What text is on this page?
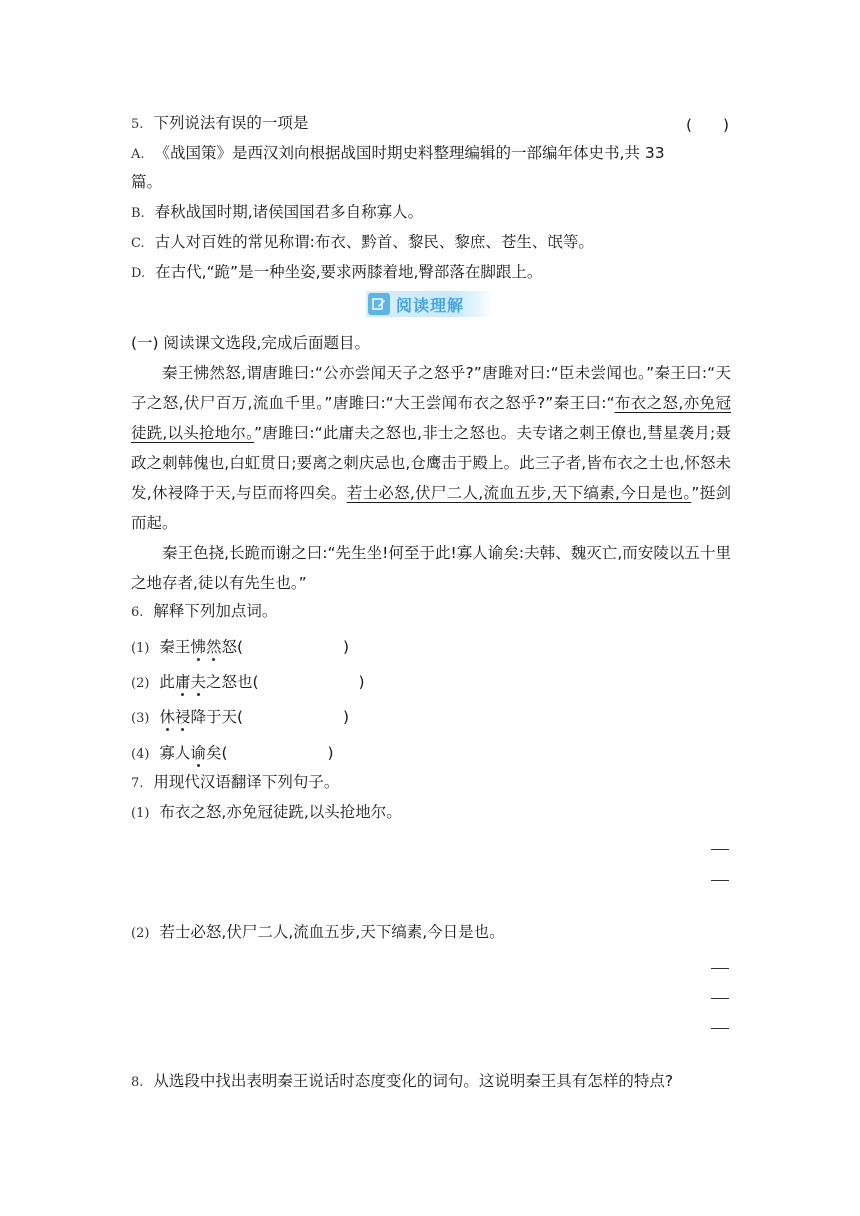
5. 下列说法有误的一项是	(　　)
A. 《战国策》是西汉刘向根据战国时期史料整理编辑的一部编年体史书,共 33
篇。
B. 春秋战国时期,诸侯国国君多自称寡人。
C. 古人对百姓的常见称谓:布衣、黔首、黎民、黎庶、苍生、氓等。
D. 在古代,“跪”是一种坐姿,要求两膝着地,臀部落在脚跟上。
阅读理解
(一) 阅读课文选段,完成后面题目。
秦王怫然怒,谓唐雎曰:“公亦尝闻天子之怒乎?”唐雎对曰:“臣未尝闻也。”秦王曰:“天子之怒,伏尸百万,流血千里。”唐雎曰:“大王尝闻布衣之怒乎?”秦王曰:“布衣之怒,亦免冠徒跣,以头抢地尔。”唐雎曰:“此庸夫之怒也,非士之怒也。夫专诸之刺王僚也,彗星袭月;聂政之刺韩傀也,白虹贯日;要离之刺庆忌也,仓鹰击于殿上。此三子者,皆布衣之士也,怀怒未发,休祲降于天,与臣而将四矣。若士必怒,伏尸二人,流血五步,天下缟素,今日是也。”挺剑而起。
秦王色挠,长跪而谢之曰:“先生坐!何至于此!寡人谕矣:夫韩、魏灭亡,而安陵以五十里之地存者,徒以有先生也。”
6. 解释下列加点词。
(1) 秦王怫然怒(	)
(2) 此庸夫之怒也(	)
(3) 休祲降于天(	)
(4) 寡人谕矣(	)
7. 用现代汉语翻译下列句子。
(1) 布衣之怒,亦免冠徒跣,以头抢地尔。
(2) 若士必怒,伏尸二人,流血五步,天下缟素,今日是也。
8. 从选段中找出表明秦王说话时态度变化的词句。这说明秦王具有怎样的特点?
